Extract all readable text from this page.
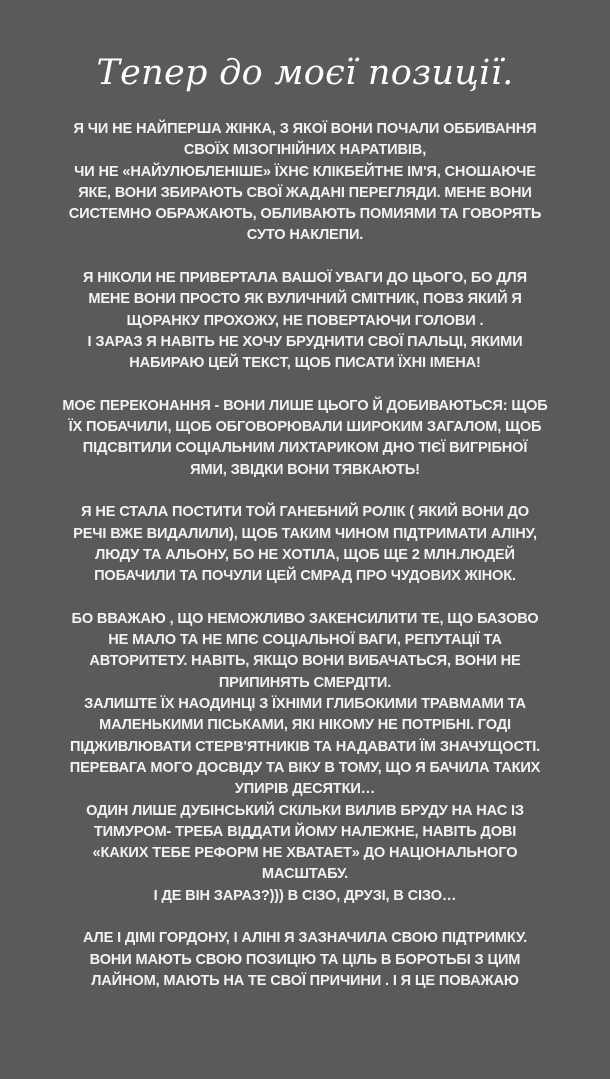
Тепер до моєї позиції.
Я ЧИ НЕ НАЙПЕРША ЖІНКА, З ЯКОЇ ВОНИ ПОЧАЛИ ОББИВАННЯ
СВОЇХ МІЗОГІНІЙНИХ НАРАТИВІВ,
ЧИ НЕ «НАЙУЛЮБЛЕНІШЕ» ЇХНЄ КЛІКБЕЙТНЕ ІМ'Я, СНОШАЮЧЕ
ЯКЕ, ВОНИ ЗБИРАЮТЬ СВОЇ ЖАДАНІ ПЕРЕГЛЯДИ. МЕНЕ ВОНИ
СИСТЕМНО ОБРАЖАЮТЬ, ОБЛИВАЮТЬ ПОМИЯМИ ТА ГОВОРЯТЬ
СУТО НАКЛЕПИ.
Я НІКОЛИ НЕ ПРИВЕРТАЛА ВАШОЇ УВАГИ ДО ЦЬОГО, БО ДЛЯ
МЕНЕ ВОНИ ПРОСТО ЯК ВУЛИЧНИЙ СМІТНИК, ПОВЗ ЯКИЙ Я
ЩОРАНКУ ПРОХОЖУ, НЕ ПОВЕРТАЮЧИ ГОЛОВИ .
І ЗАРАЗ Я НАВІТЬ НЕ ХОЧУ БРУДНИТИ СВОЇ ПАЛЬЦІ, ЯКИМИ
НАБИРАЮ ЦЕЙ ТЕКСТ, ЩОБ ПИСАТИ ЇХНІ ІМЕНА!
МОЄ ПЕРЕКОНАННЯ - ВОНИ ЛИШЕ ЦЬОГО Й ДОБИВАЮТЬСЯ: ЩОБ
ЇХ ПОБАЧИЛИ, ЩОБ ОБГОВОРЮВАЛИ ШИРОКИМ ЗАГАЛОМ, ЩОБ
ПІДСВІТИЛИ СОЦІАЛЬНИМ ЛИХТАРИКОМ ДНО ТІЄЇ ВИГРІБНОЇ
ЯМИ, ЗВІДКИ ВОНИ ТЯВКАЮТЬ!
Я НЕ СТАЛА ПОСТИТИ ТОЙ ГАНЕБНИЙ РОЛІК ( ЯКИЙ ВОНИ ДО
РЕЧІ ВЖЕ ВИДАЛИЛИ), ЩОБ ТАКИМ ЧИНОМ ПІДТРИМАТИ АЛІНУ,
ЛЮДУ ТА АЛЬОНУ, БО НЕ ХОТІЛА, ЩОБ ЩЕ 2 МЛН.ЛЮДЕЙ
ПОБАЧИЛИ ТА ПОЧУЛИ ЦЕЙ СМРАД ПРО ЧУДОВИХ ЖІНОК.
БО ВВАЖАЮ , ЩО НЕМОЖЛИВО ЗАКЕНСИЛИТИ ТЕ, ЩО БАЗОВО
НЕ МАЛО ТА НЕ МПЄ СОЦІАЛЬНОЇ ВАГИ, РЕПУТАЦІЇ ТА
АВТОРИТЕТУ. НАВІТЬ, ЯКЩО ВОНИ ВИБАЧАТЬСЯ, ВОНИ НЕ
ПРИПИНЯТЬ СМЕРДІТИ.
ЗАЛИШТЕ ЇХ НАОДИНЦІ З ЇХНІМИ ГЛИБОКИМИ ТРАВМАМИ ТА
МАЛЕНЬКИМИ ПІСЬКАМИ, ЯКІ НІКОМУ НЕ ПОТРІБНІ. ГОДІ
ПІДЖИВЛЮВАТИ СТЕРВ'ЯТНИКІВ ТА НАДАВАТИ ЇМ ЗНАЧУЩОСТІ.
ПЕРЕВАГА МОГО ДОСВІДУ ТА ВІКУ В ТОМУ, ЩО Я БАЧИЛА ТАКИХ
УПИРІВ ДЕСЯТКИ…
ОДИН ЛИШЕ ДУБІНСЬКИЙ СКІЛЬКИ ВИЛИВ БРУДУ НА НАС ІЗ
ТИМУРОМ- ТРЕБА ВІДДАТИ ЙОМУ НАЛЕЖНЕ, НАВІТЬ ДОВІ
«КАКИХ ТЕБЕ РЕФОРМ НЕ ХВАТАЕТ» ДО НАЦІОНАЛЬНОГО
МАСШТАБУ.
І ДЕ ВІН ЗАРАЗ?))) В СІЗО, ДРУЗІ, В СІЗО…
АЛЕ І ДІМІ ГОРДОНУ, І АЛІНІ Я ЗАЗНАЧИЛА СВОЮ ПІДТРИМКУ.
ВОНИ МАЮТЬ СВОЮ ПОЗИЦІЮ ТА ЦІЛЬ В БОРОТЬБІ З ЦИМ
ЛАЙНОМ, МАЮТЬ НА ТЕ СВОЇ ПРИЧИНИ . І Я ЦЕ ПОВАЖАЮ
